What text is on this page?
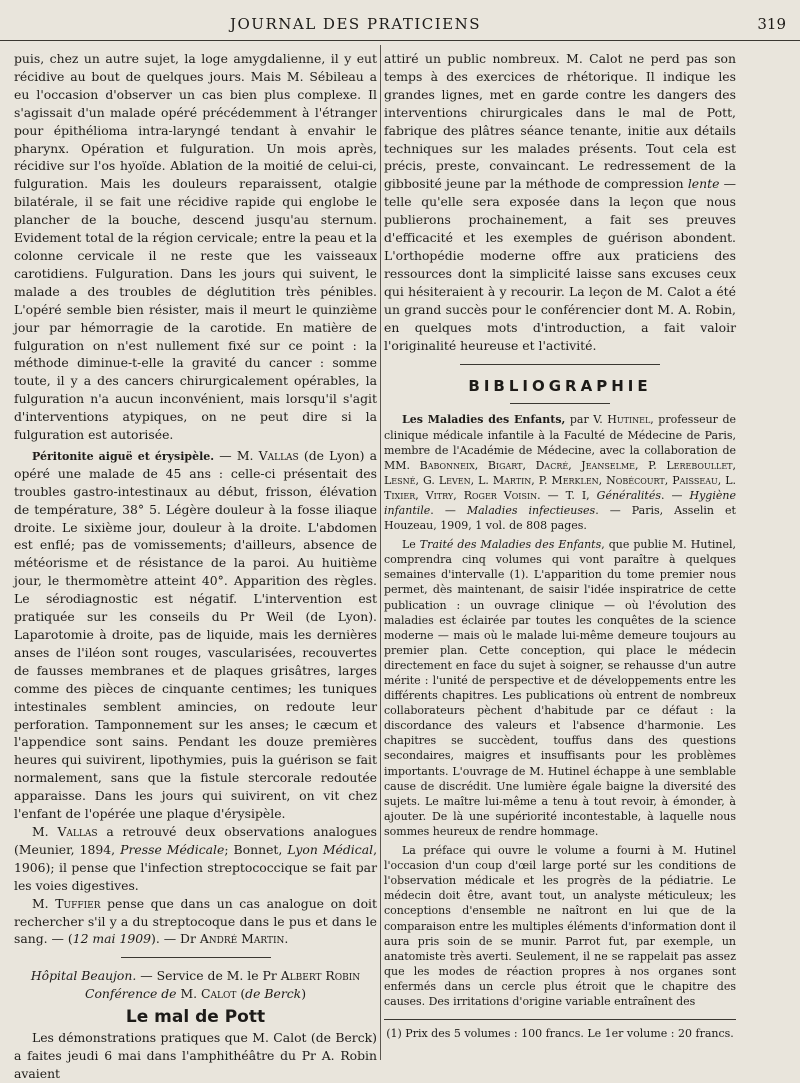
JOURNAL DES PRATICIENS	319

puis, chez un autre sujet, la loge amygdalienne, il y eut récidive au bout de quelques jours. Mais M. Sébileau a eu l'occasion d'observer un cas bien plus complexe. Il s'agissait d'un malade opéré précédemment à l'étranger pour épithélioma intra-laryngé tendant à envahir le pharynx. Opération et fulguration. Un mois après, récidive sur l'os hyoïde. Ablation de la moitié de celui-ci, fulguration. Mais les douleurs reparaissent, otalgie bilatérale, il se fait une récidive rapide qui englobe le plancher de la bouche, descend jusqu'au sternum. Evidement total de la région cervicale; entre la peau et la colonne cervicale il ne reste que les vaisseaux carotidiens. Fulguration. Dans les jours qui suivent, le malade a des troubles de déglutition très pénibles. L'opéré semble bien résister, mais il meurt le quinzième jour par hémorragie de la carotide. En matière de fulguration on n'est nullement fixé sur ce point : la méthode diminue-t-elle la gravité du cancer : somme toute, il y a des cancers chirurgicalement opérables, la fulguration n'a aucun inconvénient, mais lorsqu'il s'agit d'interventions atypiques, on ne peut dire si la fulguration est autorisée.

Péritonite aiguë et érysipèle. — M. Vallas (de Lyon) a opéré une malade de 45 ans : celle-ci présentait des troubles gastro-intestinaux au début, frisson, élévation de température, 38° 5. Légère douleur à la fosse iliaque droite. Le sixième jour, douleur à la droite. L'abdomen est enflé; pas de vomissements; d'ailleurs, absence de météorisme et de résistance de la paroi. Au huitième jour, le thermomètre atteint 40°. Apparition des règles. Le sérodiagnostic est négatif. L'intervention est pratiquée sur les conseils du Pr Weil (de Lyon). Laparotomie à droite, pas de liquide, mais les dernières anses de l'iléon sont rouges, vascularisées, recouvertes de fausses membranes et de plaques grisâtres, larges comme des pièces de cinquante centimes; les tuniques intestinales semblent amincies, on redoute leur perforation. Tamponnement sur les anses; le cæcum et l'appendice sont sains. Pendant les douze premières heures qui suivirent, lipothymies, puis la guérison se fait normalement, sans que la fistule stercorale redoutée apparaisse. Dans les jours qui suivirent, on vit chez l'enfant de l'opérée une plaque d'érysipèle.

M. Vallas a retrouvé deux observations analogues (Meunier, 1894, Presse Médicale; Bonnet, Lyon Médical, 1906); il pense que l'infection streptococcique se fait par les voies digestives.

M. Tuffier pense que dans un cas analogue on doit rechercher s'il y a du streptocoque dans le pus et dans le sang. — (12 mai 1909). — Dr André Martin.

Hôpital Beaujon. — Service de M. le Pr Albert Robin

Conférence de M. Calot (de Berck)

Le mal de Pott

Les démonstrations pratiques que M. Calot (de Berck) a faites jeudi 6 mai dans l'amphithéâtre du Pr A. Robin avaient

attiré un public nombreux. M. Calot ne perd pas son temps à des exercices de rhétorique. Il indique les grandes lignes, met en garde contre les dangers des interventions chirurgicales dans le mal de Pott, fabrique des plâtres séance tenante, initie aux détails techniques sur les malades présents. Tout cela est précis, preste, convaincant. Le redressement de la gibbosité jeune par la méthode de compression lente — telle qu'elle sera exposée dans la leçon que nous publierons prochainement, a fait ses preuves d'efficacité et les exemples de guérison abondent. L'orthopédie moderne offre aux praticiens des ressources dont la simplicité laisse sans excuses ceux qui hésiteraient à y recourir. La leçon de M. Calot a été un grand succès pour le conférencier dont M. A. Robin, en quelques mots d'introduction, a fait valoir l'originalité heureuse et l'activité.

BIBLIOGRAPHIE

Les Maladies des Enfants, par V. Hutinel, professeur de clinique médicale infantile à la Faculté de Médecine de Paris, membre de l'Académie de Médecine, avec la collaboration de MM. Babonneix, Bigart, Dacré, Jeanselme, P. Lereboullet, Lesné, G. Leven, L. Martin, P. Merklen, Nobécourt, Paisseau, L. Tixier, Vitry, Roger Voisin. — T. I, Généralités. — Hygiène infantile. — Maladies infectieuses. — Paris, Asselin et Houzeau, 1909, 1 vol. de 808 pages.

Le Traité des Maladies des Enfants, que publie M. Hutinel, comprendra cinq volumes qui vont paraître à quelques semaines d'intervalle (1). L'apparition du tome premier nous permet, dès maintenant, de saisir l'idée inspiratrice de cette publication : un ouvrage clinique — où l'évolution des maladies est éclairée par toutes les conquêtes de la science moderne — mais où le malade lui-même demeure toujours au premier plan. Cette conception, qui place le médecin directement en face du sujet à soigner, se rehausse d'un autre mérite : l'unité de perspective et de développements entre les différents chapitres. Les publications où entrent de nombreux collaborateurs pèchent d'habitude par ce défaut : la discordance des valeurs et l'absence d'harmonie. Les chapitres se succèdent, touffus dans des questions secondaires, maigres et insuffisants pour les problèmes importants. L'ouvrage de M. Hutinel échappe à une semblable cause de discrédit. Une lumière égale baigne la diversité des sujets. Le maître lui-même a tenu à tout revoir, à émonder, à ajouter. De là une supériorité incontestable, à laquelle nous sommes heureux de rendre hommage.

La préface qui ouvre le volume a fourni à M. Hutinel l'occasion d'un coup d'œil large porté sur les conditions de l'observation médicale et les progrès de la pédiatrie. Le médecin doit être, avant tout, un analyste méticuleux; les conceptions d'ensemble ne naîtront en lui que de la comparaison entre les multiples éléments d'information dont il aura pris soin de se munir. Parrot fut, par exemple, un anatomiste très averti. Seulement, il ne se rappelait pas assez que les modes de réaction propres à nos organes sont enfermés dans un cercle plus étroit que le chapitre des causes. Des irritations d'origine variable entraînent des

(1) Prix des 5 volumes : 100 francs. Le 1er volume : 20 francs.
